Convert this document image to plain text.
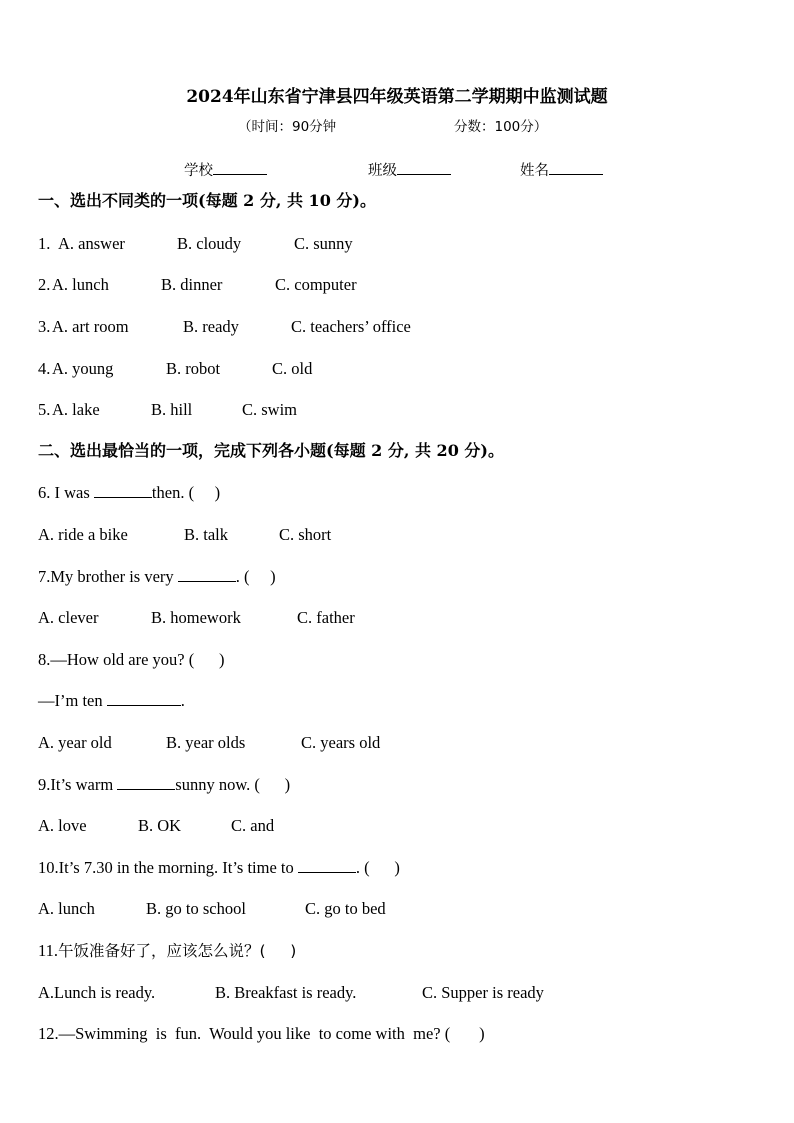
2024年山东省宁津县四年级英语第二学期期中监测试题
（时间：90分钟	分数：100分）
学校	班级	姓名
一、选出不同类的一项(每题 2 分, 共 10 分)。
1. A. answer	B. cloudy	C. sunny
2. A. lunch	B. dinner	C. computer
3. A. art room	B. ready	C. teachers’ office
4. A. young	B. robot	C. old
5. A. lake	B. hill	C. swim
二、选出最恰当的一项，完成下列各小题(每题 2 分, 共 20 分)。
6. I was	then. (     )
A. ride a bike	B. talk	C. short
7.My brother is very	. (     )
A. clever	B. homework	C. father
8.—How old are you? (      )
—I’m ten	.
A. year old	B. year olds	C. years old
9.It’s warm	sunny now. (      )
A. love	B. OK	C. and
10.It’s 7.30 in the morning. It’s time to	. (      )
A. lunch	B. go to school	C. go to bed
11.午饭准备好了，应该怎么说？(     )
A.Lunch is ready.	B. Breakfast is ready.	C. Supper is ready
12.—Swimming  is  fun.  Would you like  to come with  me? (       )
